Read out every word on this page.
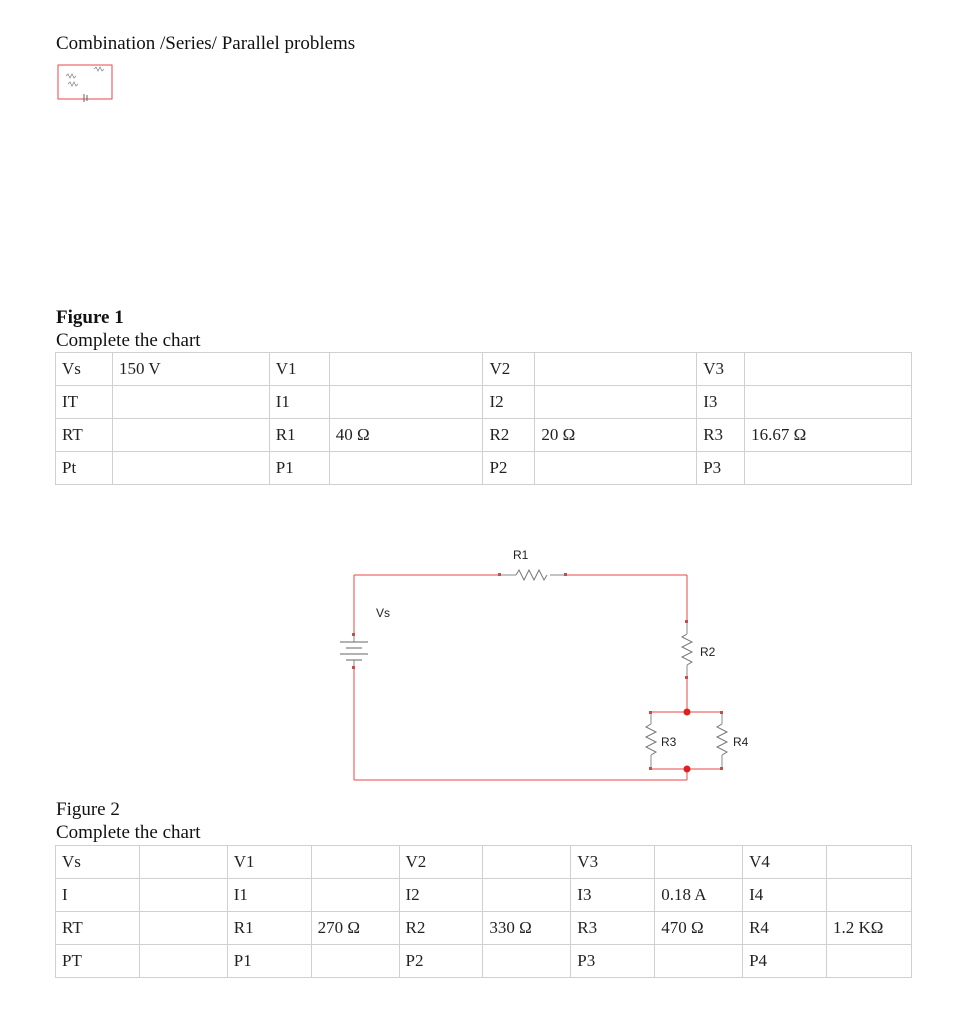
Combination /Series/ Parallel problems
Figure 1
Complete the chart
Vs	150 V	V1		V2		V3	
IT		I1		I2		I3	
RT		R1	40 Ω	R2	20 Ω	R3	16.67 Ω
Pt		P1		P2		P3	
R1
Vs
R2
R3	R4
Figure 2
Complete the chart
Vs		V1		V2		V3		V4	
I		I1		I2		I3	0.18 A	I4	
RT		R1	270 Ω	R2	330 Ω	R3	470 Ω	R4	1.2 KΩ
PT		P1		P2		P3		P4	
